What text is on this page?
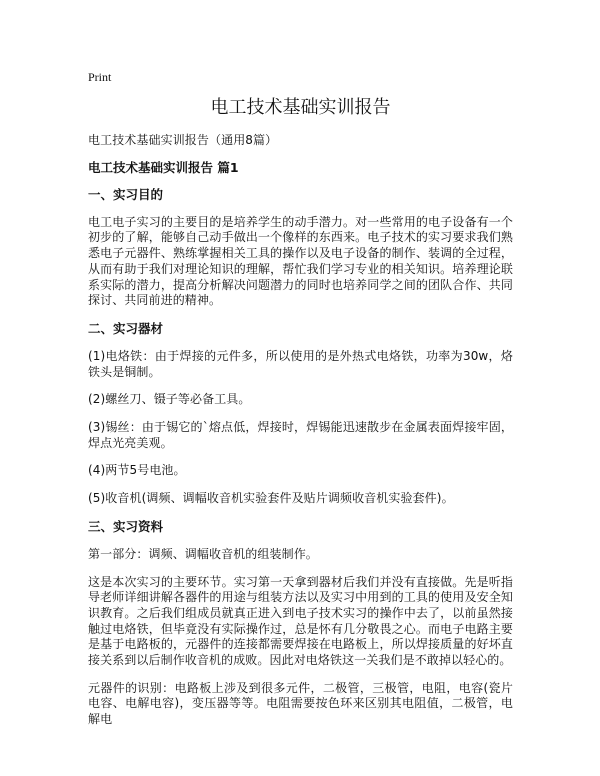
Print
电工技术基础实训报告

电工技术基础实训报告（通用8篇）

电工技术基础实训报告 篇1
一、实习目的

电工电子实习的主要目的是培养学生的动手潜力。对一些常用的电子设备有一个初步的了解，能够自己动手做出一个像样的东西来。电子技术的实习要求我们熟悉电子元器件、熟练掌握相关工具的操作以及电子设备的制作、装调的全过程，从而有助于我们对理论知识的理解，帮忙我们学习专业的相关知识。培养理论联系实际的潜力，提高分析解决问题潜力的同时也培养同学之间的团队合作、共同探讨、共同前进的精神。

二、实习器材

(1)电烙铁：由于焊接的元件多，所以使用的是外热式电烙铁，功率为30w，烙铁头是铜制。

(2)螺丝刀、镊子等必备工具。

(3)锡丝：由于锡它的`熔点低，焊接时，焊锡能迅速散步在金属表面焊接牢固，焊点光亮美观。

(4)两节5号电池。

(5)收音机(调频、调幅收音机实验套件及贴片调频收音机实验套件)。

三、实习资料

第一部分：调频、调幅收音机的组装制作。

这是本次实习的主要环节。实习第一天拿到器材后我们并没有直接做。先是听指导老师详细讲解各器件的用途与组装方法以及实习中用到的工具的使用及安全知识教育。之后我们组成员就真正进入到电子技术实习的操作中去了，以前虽然接触过电烙铁，但毕竟没有实际操作过，总是怀有几分敬畏之心。而电子电路主要是基于电路板的，元器件的连接都需要焊接在电路板上，所以焊接质量的好坏直接关系到以后制作收音机的成败。因此对电烙铁这一关我们是不敢掉以轻心的。

元器件的识别：电路板上涉及到很多元件，二极管，三极管，电阻，电容(瓷片电容、电解电容)，变压器等等。电阻需要按色环来区别其电阻值，二极管，电解电
